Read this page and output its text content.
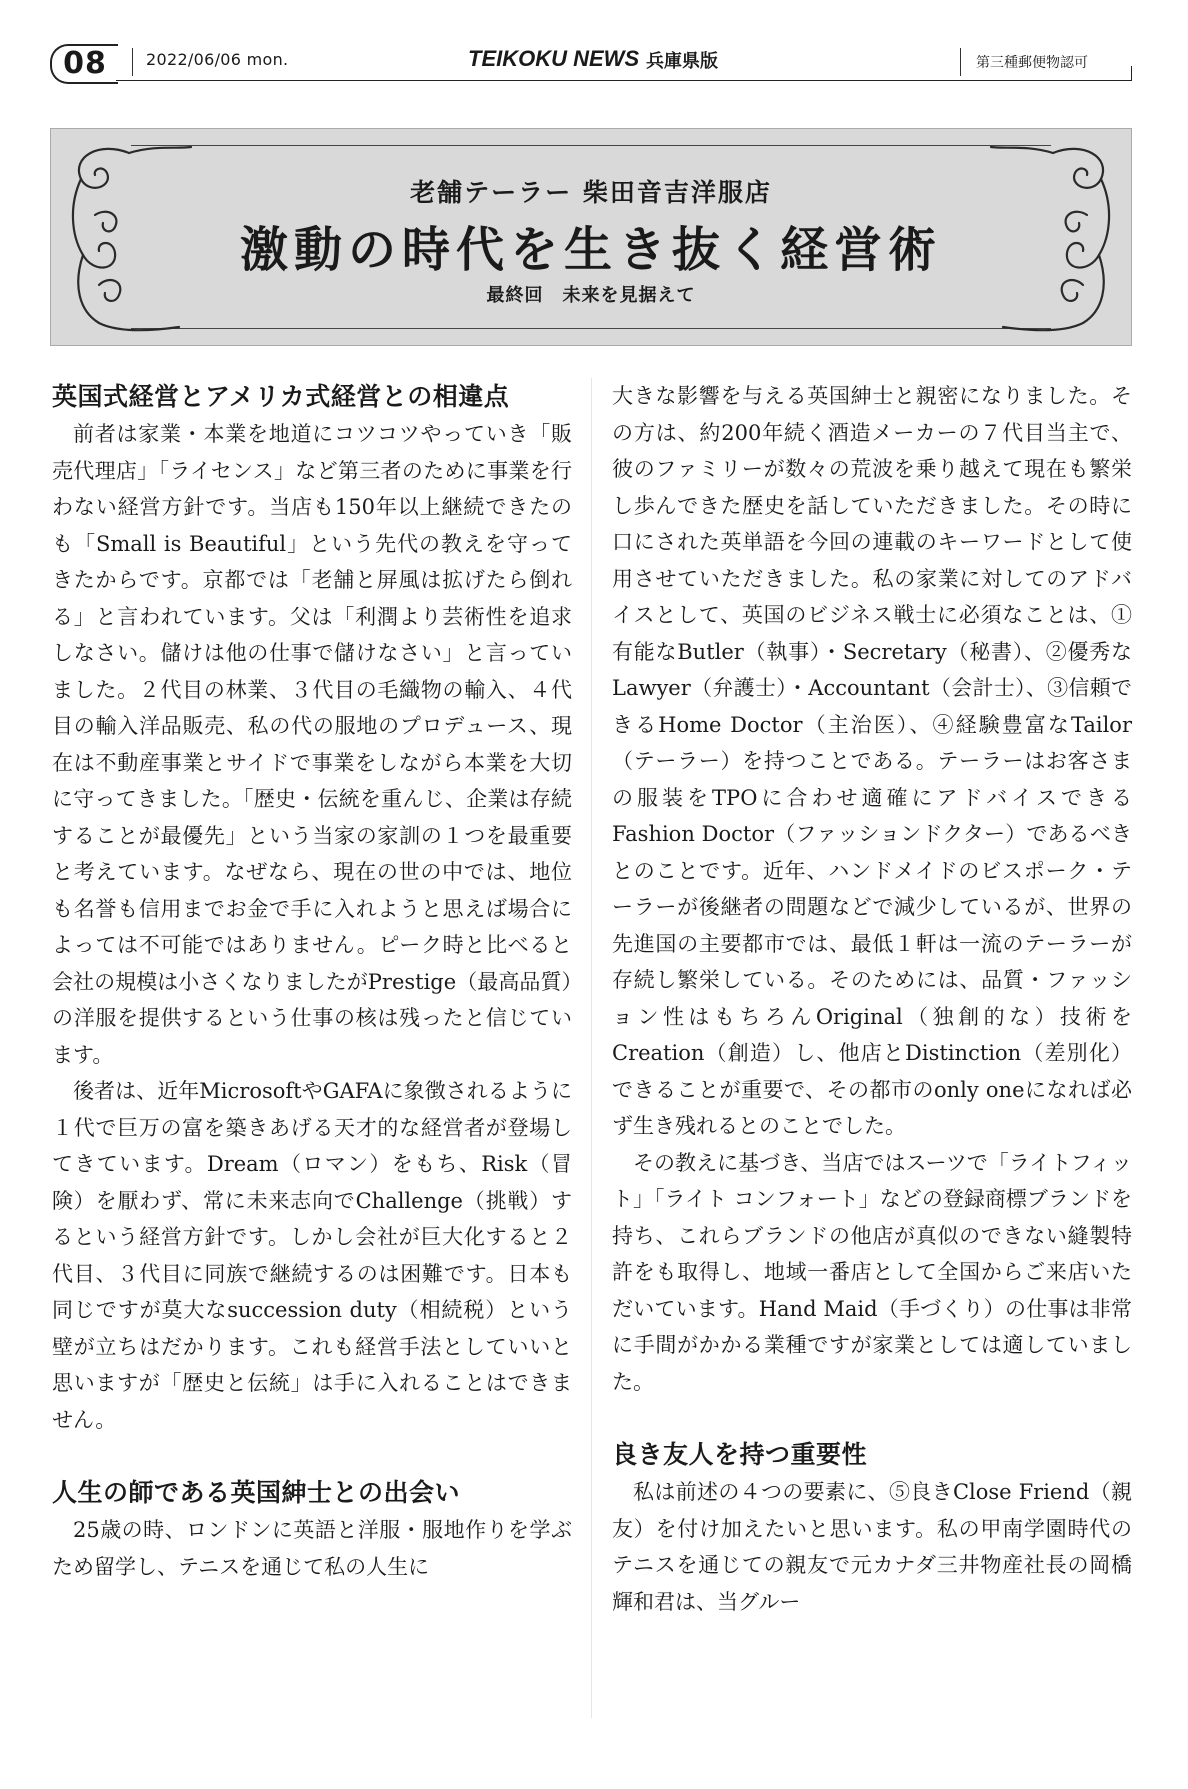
08	2022/06/06 mon.	TEIKOKU NEWS 兵庫県版	第三種郵便物認可
老舗テーラー 柴田音吉洋服店
激動の時代を生き抜く経営術
最終回　未来を見据えて
英国式経営とアメリカ式経営との相違点

前者は家業・本業を地道にコツコツやっていき「販売代理店」「ライセンス」など第三者のために事業を行わない経営方針です。当店も150年以上継続できたのも「Small is Beautiful」という先代の教えを守ってきたからです。京都では「老舗と屏風は拡げたら倒れる」と言われています。父は「利潤より芸術性を追求しなさい。儲けは他の仕事で儲けなさい」と言っていました。２代目の林業、３代目の毛織物の輸入、４代目の輸入洋品販売、私の代の服地のプロデュース、現在は不動産事業とサイドで事業をしながら本業を大切に守ってきました。「歴史・伝統を重んじ、企業は存続することが最優先」という当家の家訓の１つを最重要と考えています。なぜなら、現在の世の中では、地位も名誉も信用までお金で手に入れようと思えば場合によっては不可能ではありません。ピーク時と比べると会社の規模は小さくなりましたがPrestige（最高品質）の洋服を提供するという仕事の核は残ったと信じています。

後者は、近年MicrosoftやGAFAに象徴されるように１代で巨万の富を築きあげる天才的な経営者が登場してきています。Dream（ロマン）をもち、Risk（冒険）を厭わず、常に未来志向でChallenge（挑戦）するという経営方針です。しかし会社が巨大化すると２代目、３代目に同族で継続するのは困難です。日本も同じですが莫大なsuccession duty（相続税）という壁が立ちはだかります。これも経営手法としていいと思いますが「歴史と伝統」は手に入れることはできません。

人生の師である英国紳士との出会い

25歳の時、ロンドンに英語と洋服・服地作りを学ぶため留学し、テニスを通じて私の人生に

大きな影響を与える英国紳士と親密になりました。その方は、約200年続く酒造メーカーの７代目当主で、彼のファミリーが数々の荒波を乗り越えて現在も繁栄し歩んできた歴史を話していただきました。その時に口にされた英単語を今回の連載のキーワードとして使用させていただきました。私の家業に対してのアドバイスとして、英国のビジネス戦士に必須なことは、①有能なButler（執事）・Secretary（秘書）、②優秀なLawyer（弁護士）・Accountant（会計士）、③信頼できるHome Doctor（主治医）、④経験豊富なTailor（テーラー）を持つことである。テーラーはお客さまの服装をTPOに合わせ適確にアドバイスできるFashion Doctor（ファッションドクター）であるべきとのことです。近年、ハンドメイドのビスポーク・テーラーが後継者の問題などで減少しているが、世界の先進国の主要都市では、最低１軒は一流のテーラーが存続し繁栄している。そのためには、品質・ファッション性はもちろんOriginal（独創的な）技術をCreation（創造）し、他店とDistinction（差別化）できることが重要で、その都市のonly oneになれば必ず生き残れるとのことでした。

その教えに基づき、当店ではスーツで「ライトフィット」「ライト コンフォート」などの登録商標ブランドを持ち、これらブランドの他店が真似のできない縫製特許をも取得し、地域一番店として全国からご来店いただいています。Hand Maid（手づくり）の仕事は非常に手間がかかる業種ですが家業としては適していました。

良き友人を持つ重要性

私は前述の４つの要素に、⑤良きClose Friend（親友）を付け加えたいと思います。私の甲南学園時代のテニスを通じての親友で元カナダ三井物産社長の岡橋輝和君は、当グルー
